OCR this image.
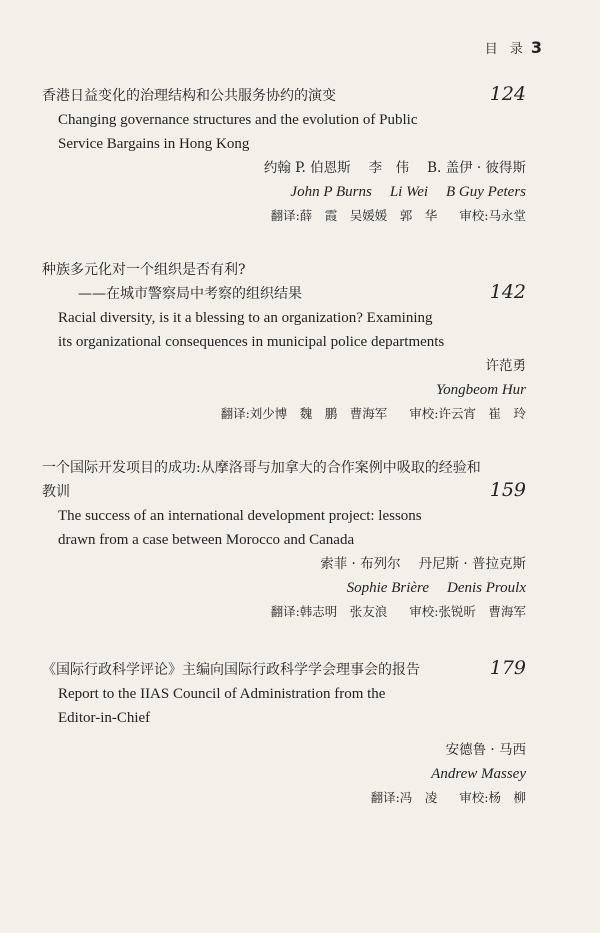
目 录 3
香港日益变化的治理结构和公共服务协约的演变	124
Changing governance structures and the evolution of Public
Service Bargains in Hong Kong
约翰 P. 伯恩斯 李　伟 B. 盖伊 · 彼得斯
John P Burns Li Wei B Guy Peters
翻译:薛　霞　吴媛媛　郭　华 审校:马永堂
种族多元化对一个组织是否有利?
——在城市警察局中考察的组织结果	142
Racial diversity, is it a blessing to an organization? Examining
its organizational consequences in municipal police departments
许范勇
Yongbeom Hur
翻译:刘少博　魏　鹏　曹海军 审校:许云宵　崔　玲
一个国际开发项目的成功:从摩洛哥与加拿大的合作案例中吸取的经验和
教训	159
The success of an international development project: lessons
drawn from a case between Morocco and Canada
索菲 · 布列尔 丹尼斯 · 普拉克斯
Sophie Brière Denis Proulx
翻译:韩志明　张友浪 审校:张锐昕　曹海军
《国际行政科学评论》主编向国际行政科学学会理事会的报告	179
Report to the IIAS Council of Administration from the
Editor-in-Chief
安德鲁 · 马西
Andrew Massey
翻译:冯　凌 审校:杨　柳
